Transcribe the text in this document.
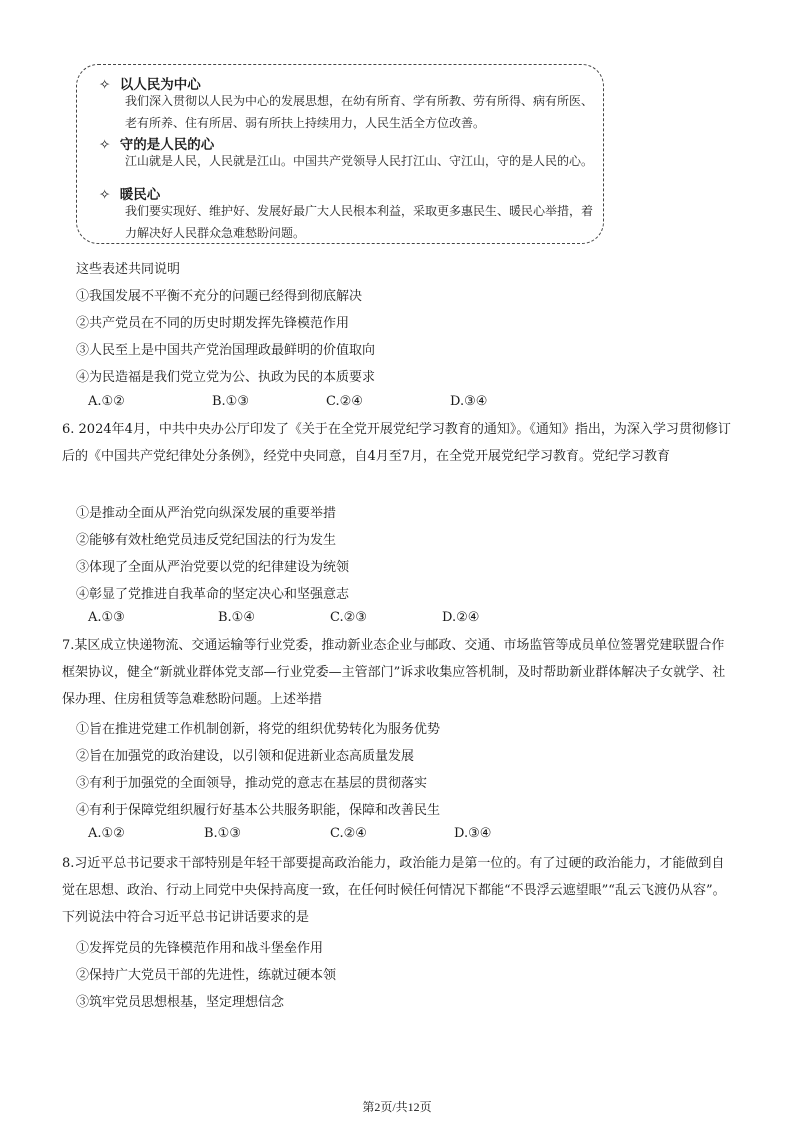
✧ 以人民为中心
我们深入贯彻以人民为中心的发展思想，在幼有所育、学有所教、劳有所得、病有所医、老有所养、住有所居、弱有所扶上持续用力，人民生活全方位改善。
✧ 守的是人民的心
江山就是人民，人民就是江山。中国共产党领导人民打江山、守江山，守的是人民的心。
✧ 暖民心
我们要实现好、维护好、发展好最广大人民根本利益，采取更多惠民生、暖民心举措，着力解决好人民群众急难愁盼问题。
这些表述共同说明
①我国发展不平衡不充分的问题已经得到彻底解决
②共产党员在不同的历史时期发挥先锋模范作用
③人民至上是中国共产党治国理政最鲜明的价值取向
④为民造福是我们党立党为公、执政为民的本质要求
A.①②	B.①③	C.②④	D.③④
6. 2024年4月，中共中央办公厅印发了《关于在全党开展党纪学习教育的通知》。《通知》指出，为深入学习贯彻修订后的《中国共产党纪律处分条例》，经党中央同意，自4月至7月，在全党开展党纪学习教育。党纪学习教育
①是推动全面从严治党向纵深发展的重要举措
②能够有效杜绝党员违反党纪国法的行为发生
③体现了全面从严治党要以党的纪律建设为统领
④彰显了党推进自我革命的坚定决心和坚强意志
A.①③	B.①④	C.②③	D.②④
7.某区成立快递物流、交通运输等行业党委，推动新业态企业与邮政、交通、市场监管等成员单位签署党建联盟合作框架协议，健全“新就业群体党支部—行业党委—主管部门”诉求收集应答机制，及时帮助新业群体解决子女就学、社保办理、住房租赁等急难愁盼问题。上述举措
①旨在推进党建工作机制创新，将党的组织优势转化为服务优势
②旨在加强党的政治建设，以引领和促进新业态高质量发展
③有利于加强党的全面领导，推动党的意志在基层的贯彻落实
④有利于保障党组织履行好基本公共服务职能，保障和改善民生
A.①②	B.①③	C.②④	D.③④
8.习近平总书记要求干部特别是年轻干部要提高政治能力，政治能力是第一位的。有了过硬的政治能力，才能做到自觉在思想、政治、行动上同党中央保持高度一致，在任何时候任何情况下都能“不畏浮云遮望眼”“乱云飞渡仍从容”。下列说法中符合习近平总书记讲话要求的是
①发挥党员的先锋模范作用和战斗堡垒作用
②保持广大党员干部的先进性，练就过硬本领
③筑牢党员思想根基，坚定理想信念
第2页/共12页
